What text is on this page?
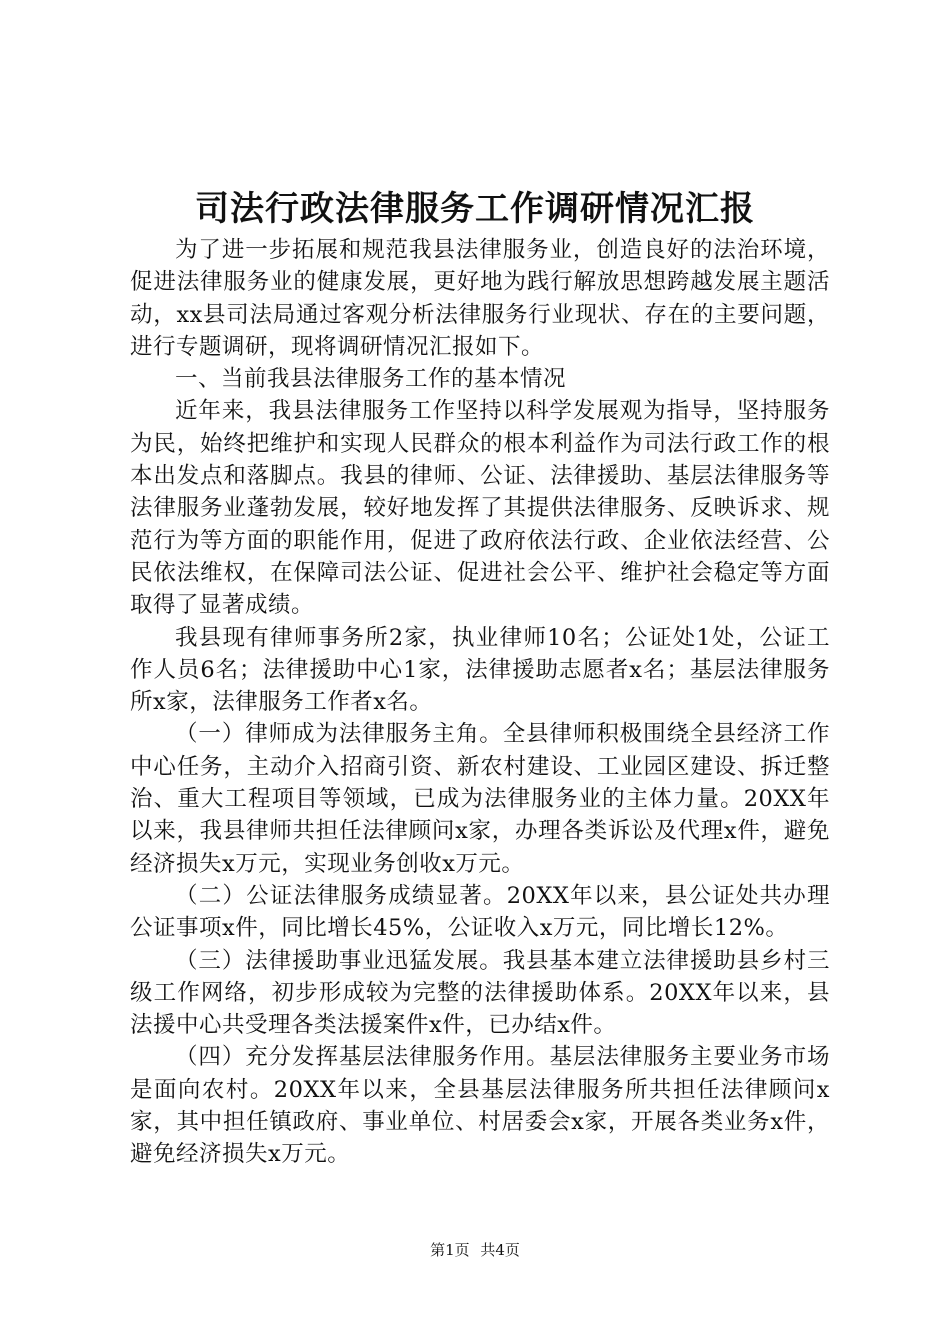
司法行政法律服务工作调研情况汇报

为了进一步拓展和规范我县法律服务业，创造良好的法治环境，促进法律服务业的健康发展，更好地为践行解放思想跨越发展主题活动，xx县司法局通过客观分析法律服务行业现状、存在的主要问题，进行专题调研，现将调研情况汇报如下。

一、当前我县法律服务工作的基本情况

近年来，我县法律服务工作坚持以科学发展观为指导，坚持服务为民，始终把维护和实现人民群众的根本利益作为司法行政工作的根本出发点和落脚点。我县的律师、公证、法律援助、基层法律服务等法律服务业蓬勃发展，较好地发挥了其提供法律服务、反映诉求、规范行为等方面的职能作用，促进了政府依法行政、企业依法经营、公民依法维权，在保障司法公证、促进社会公平、维护社会稳定等方面取得了显著成绩。

我县现有律师事务所2家，执业律师10名；公证处1处，公证工作人员6名；法律援助中心1家，法律援助志愿者x名；基层法律服务所x家，法律服务工作者x名。

（一）律师成为法律服务主角。全县律师积极围绕全县经济工作中心任务，主动介入招商引资、新农村建设、工业园区建设、拆迁整治、重大工程项目等领域，已成为法律服务业的主体力量。20XX年以来，我县律师共担任法律顾问x家，办理各类诉讼及代理x件，避免经济损失x万元，实现业务创收x万元。

（二）公证法律服务成绩显著。20XX年以来，县公证处共办理公证事项x件，同比增长45%，公证收入x万元，同比增长12%。

（三）法律援助事业迅猛发展。我县基本建立法律援助县乡村三级工作网络，初步形成较为完整的法律援助体系。20XX年以来，县法援中心共受理各类法援案件x件，已办结x件。

（四）充分发挥基层法律服务作用。基层法律服务主要业务市场是面向农村。20XX年以来，全县基层法律服务所共担任法律顾问x家，其中担任镇政府、事业单位、村居委会x家，开展各类业务x件，避免经济损失x万元。

第1页 共4页
